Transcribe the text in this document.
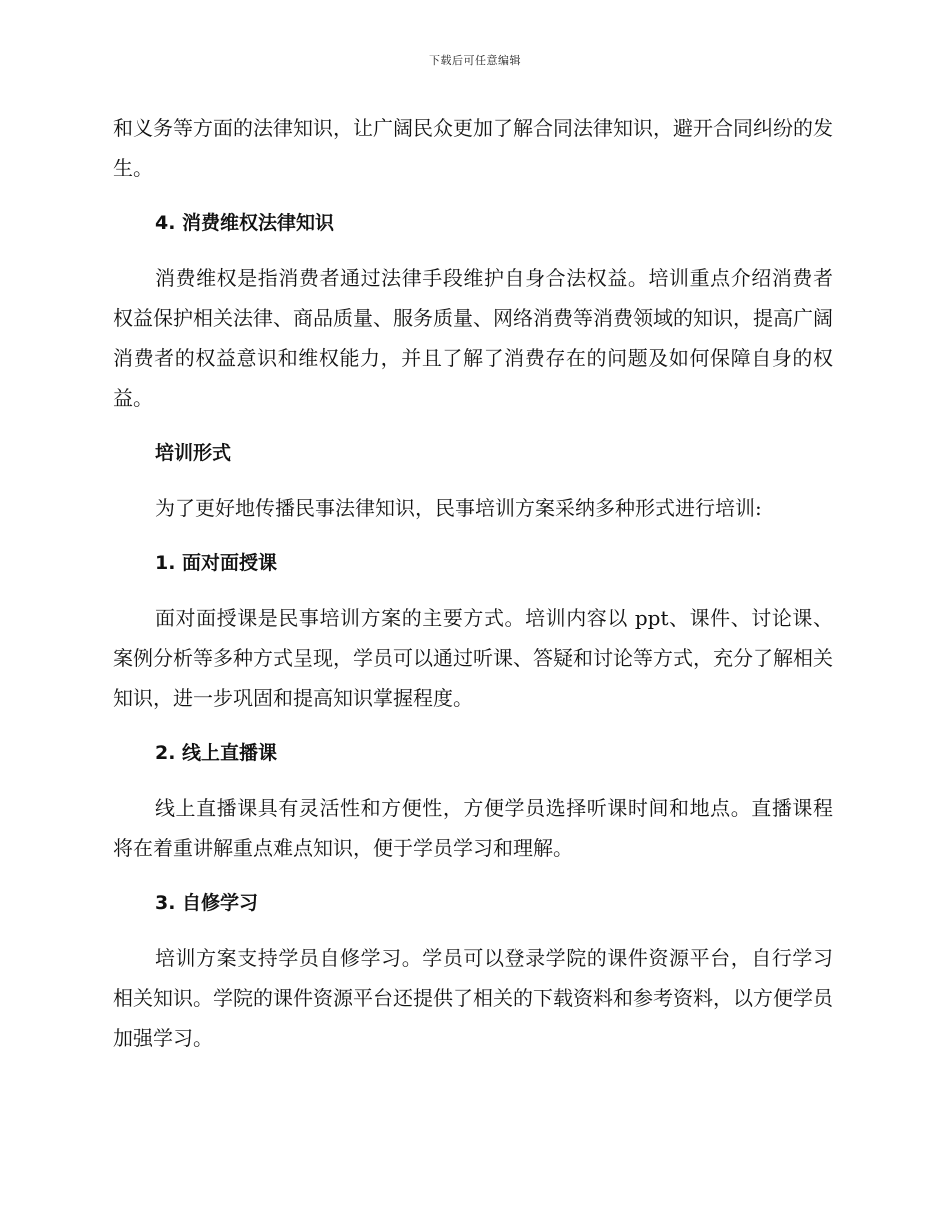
下载后可任意编辑

和义务等方面的法律知识，让广阔民众更加了解合同法律知识，避开合同纠纷的发生。

4. 消费维权法律知识

消费维权是指消费者通过法律手段维护自身合法权益。培训重点介绍消费者权益保护相关法律、商品质量、服务质量、网络消费等消费领域的知识，提高广阔消费者的权益意识和维权能力，并且了解了消费存在的问题及如何保障自身的权益。

培训形式

为了更好地传播民事法律知识，民事培训方案采纳多种形式进行培训:

1. 面对面授课

面对面授课是民事培训方案的主要方式。培训内容以 ppt、课件、讨论课、案例分析等多种方式呈现，学员可以通过听课、答疑和讨论等方式，充分了解相关知识，进一步巩固和提高知识掌握程度。

2. 线上直播课

线上直播课具有灵活性和方便性，方便学员选择听课时间和地点。直播课程将在着重讲解重点难点知识，便于学员学习和理解。

3. 自修学习

培训方案支持学员自修学习。学员可以登录学院的课件资源平台，自行学习相关知识。学院的课件资源平台还提供了相关的下载资料和参考资料，以方便学员加强学习。
